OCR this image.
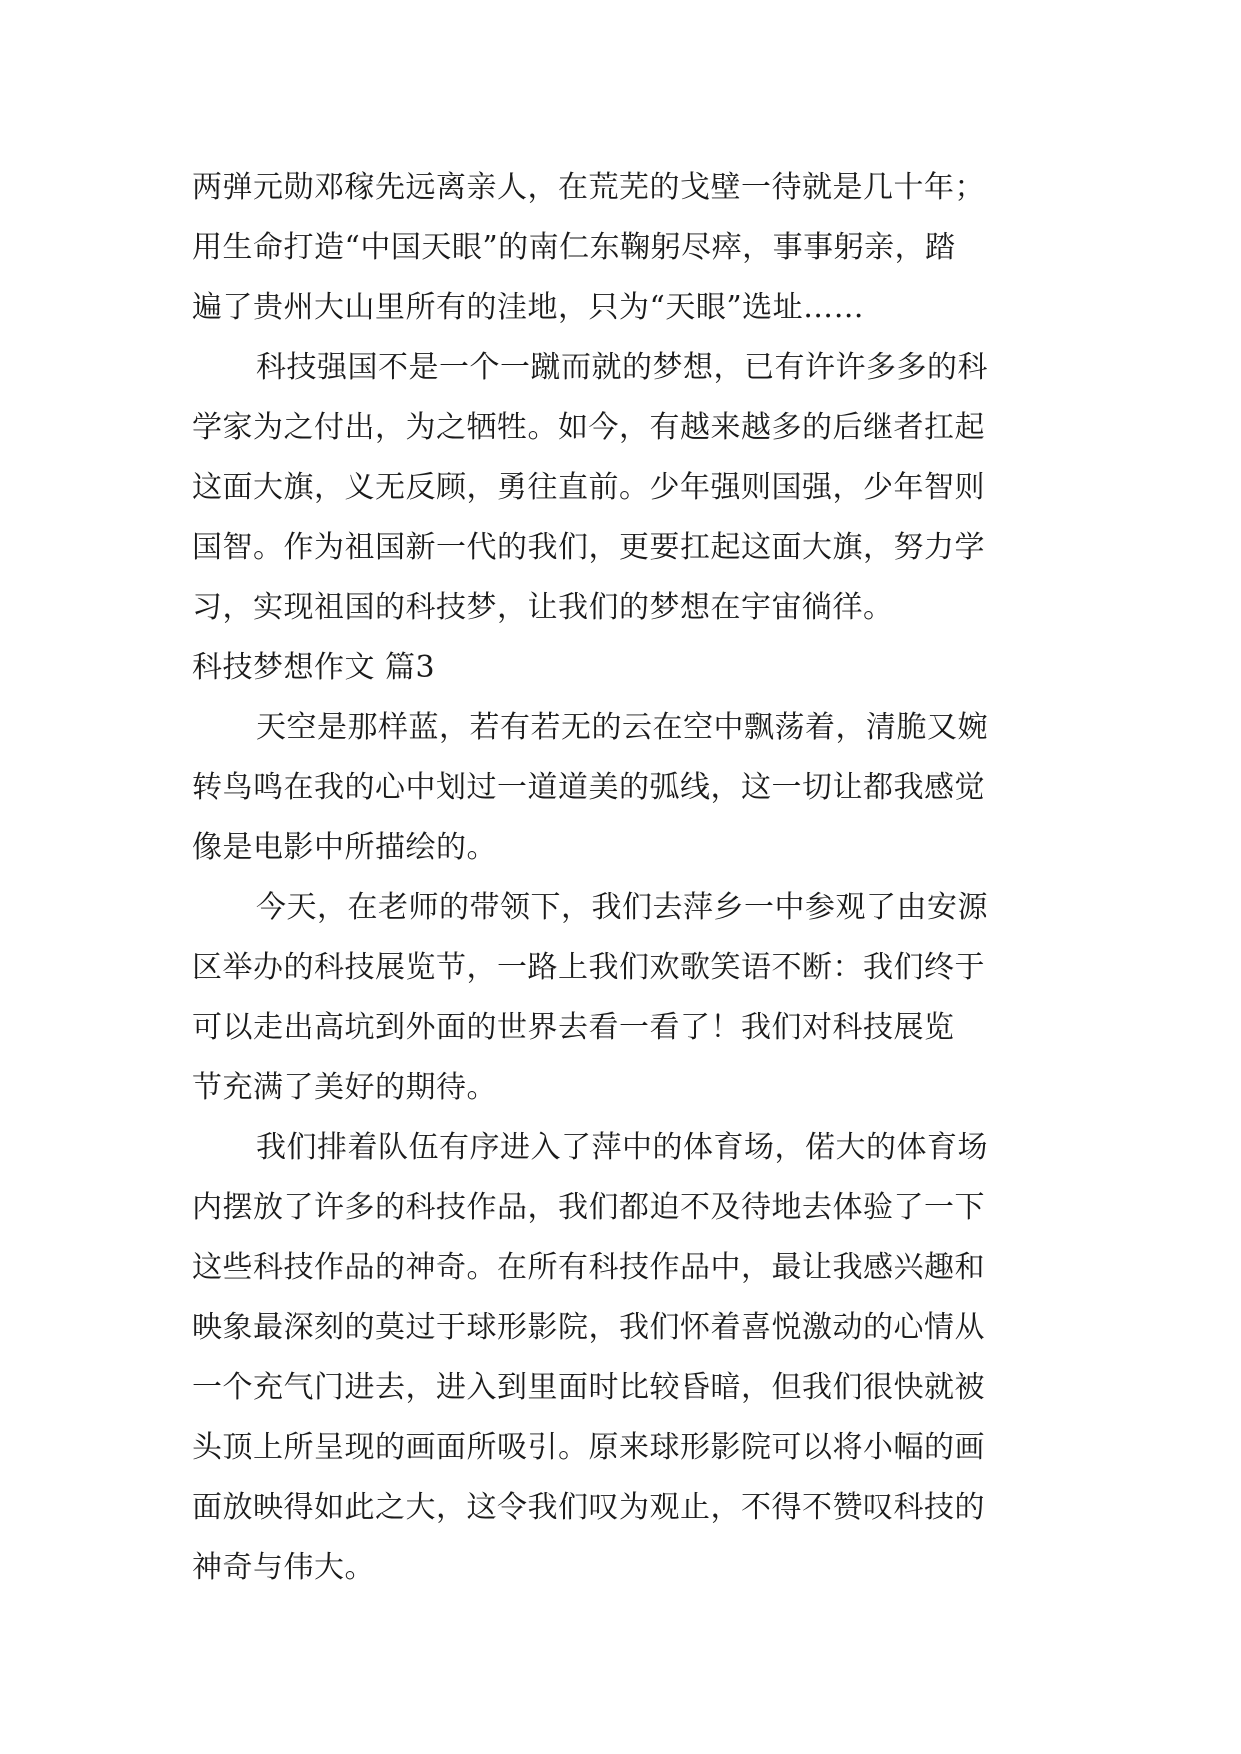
两弹元勋邓稼先远离亲人，在荒芜的戈壁一待就是几十年；
用生命打造“中国天眼”的南仁东鞠躬尽瘁，事事躬亲，踏
遍了贵州大山里所有的洼地，只为“天眼”选址……
科技强国不是一个一蹴而就的梦想，已有许许多多的科
学家为之付出，为之牺牲。如今，有越来越多的后继者扛起
这面大旗，义无反顾，勇往直前。少年强则国强，少年智则
国智。作为祖国新一代的我们，更要扛起这面大旗，努力学
习，实现祖国的科技梦，让我们的梦想在宇宙徜徉。
科技梦想作文 篇3
天空是那样蓝，若有若无的云在空中飘荡着，清脆又婉
转鸟鸣在我的心中划过一道道美的弧线，这一切让都我感觉
像是电影中所描绘的。
今天，在老师的带领下，我们去萍乡一中参观了由安源
区举办的科技展览节，一路上我们欢歌笑语不断：我们终于
可以走出高坑到外面的世界去看一看了！我们对科技展览
节充满了美好的期待。
我们排着队伍有序进入了萍中的体育场，偌大的体育场
内摆放了许多的科技作品，我们都迫不及待地去体验了一下
这些科技作品的神奇。在所有科技作品中，最让我感兴趣和
映象最深刻的莫过于球形影院，我们怀着喜悦激动的心情从
一个充气门进去，进入到里面时比较昏暗，但我们很快就被
头顶上所呈现的画面所吸引。原来球形影院可以将小幅的画
面放映得如此之大，这令我们叹为观止，不得不赞叹科技的
神奇与伟大。
